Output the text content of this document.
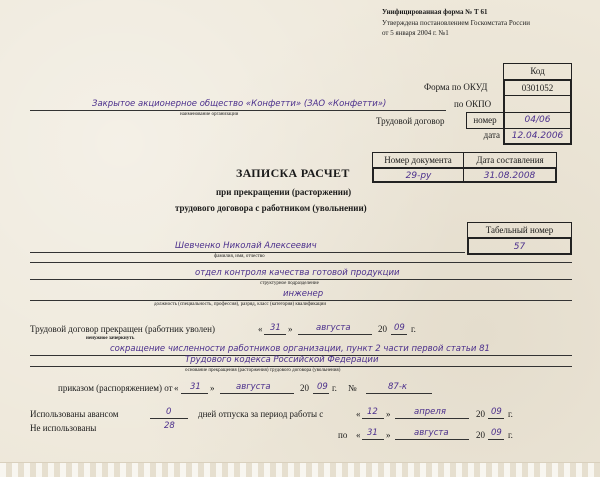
Унифицированная форма № Т 61
Утверждена постановлением Госкомстата России
от 5 января 2004 г. №1
Код
Форма по ОКУД	0301052
по ОКПО
Трудовой договор	номер	04/06
дата	12.04.2006
Закрытое акционерное общество «Конфетти» (ЗАО «Конфетти»)
наименование организации
Номер документа	Дата составления
29-ру	31.08.2008
ЗАПИСКА РАСЧЕТ
при прекращении (расторжении)
трудового договора с работником (увольнении)
Табельный номер
57
Шевченко Николай Алексеевич
фамилия, имя, отчество
отдел контроля качества готовой продукции
структурное подразделение
инженер
должность (специальность, профессия), разряд, класс (категория) квалификации
Трудовой договор прекращен (работник уволен)	« 31 »	августа	20 09 г.
ненужное зачеркнуть
сокращение численности работников организации, пункт 2 части первой статьи 81
Трудового кодекса Российской Федерации
основание прекращения (расторжения) трудового договора (увольнения)
приказом (распоряжением) от « 31 »	августа	20 09 г. №	87-к
Использованы авансом	0	дней отпуска за период работы с	« 12 »	апреля	20 09 г.
Не использованы	28
по « 31 »	августа	20 09 г.
